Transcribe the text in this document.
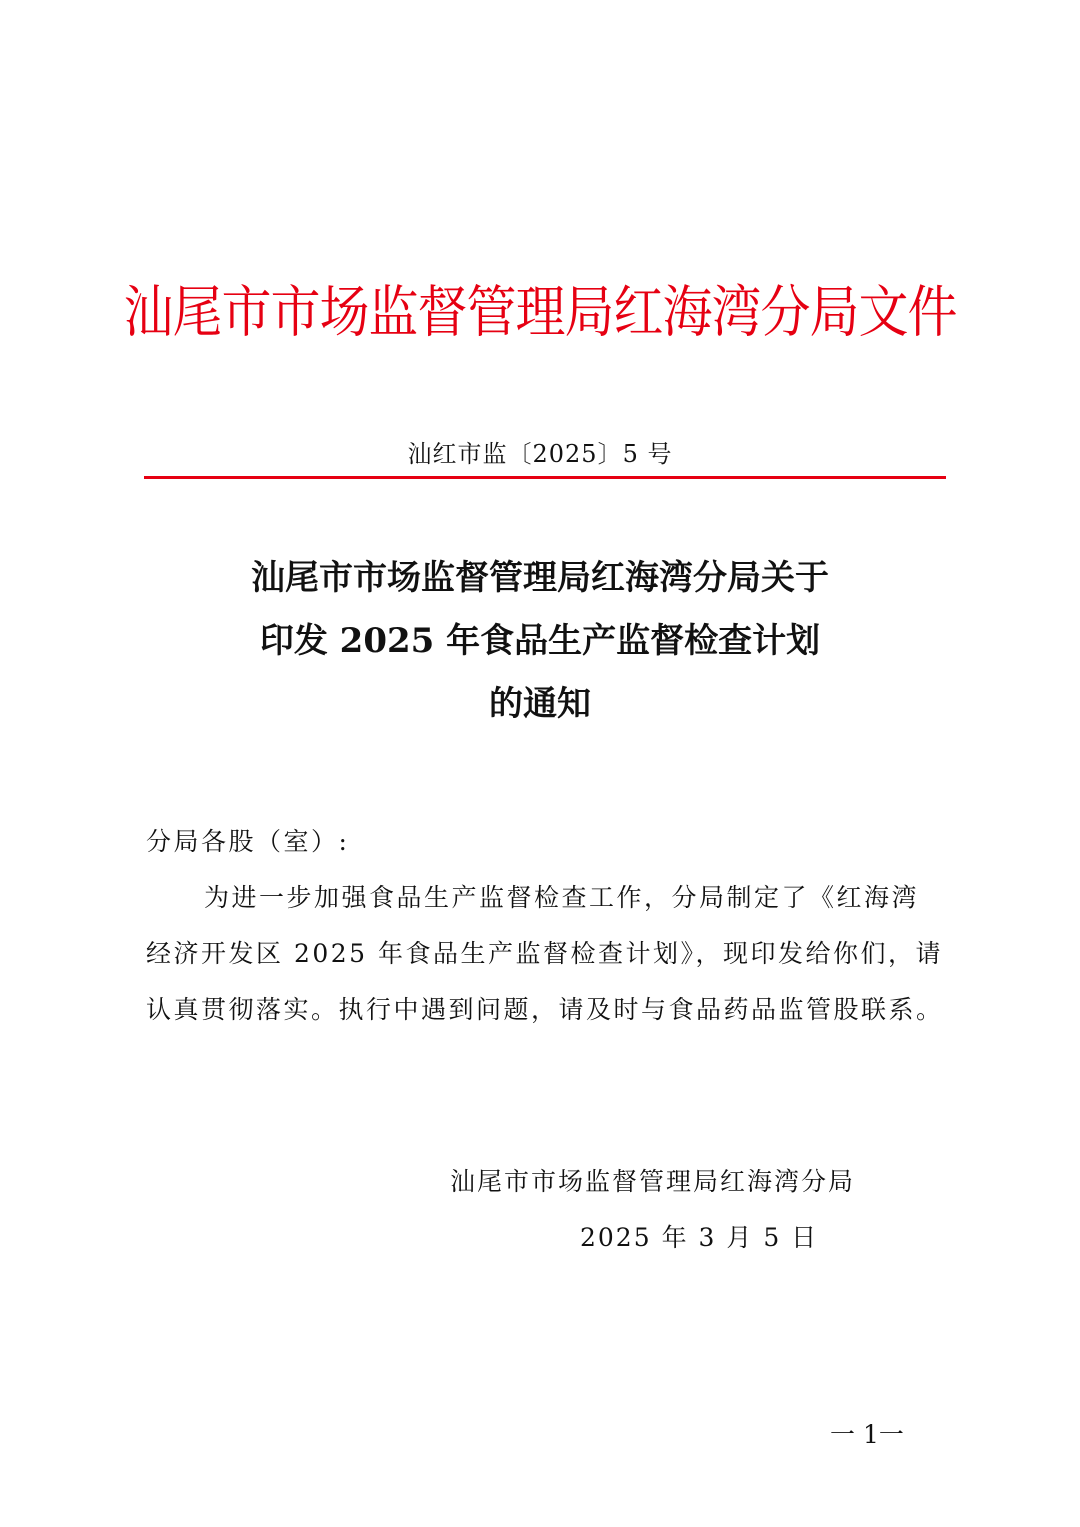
汕尾市市场监督管理局红海湾分局文件
汕红市监〔2025〕5 号
汕尾市市场监督管理局红海湾分局关于
印发 2025 年食品生产监督检查计划
的通知
分局各股（室）:
为进一步加强食品生产监督检查工作，分局制定了《红海湾
经济开发区 2025 年食品生产监督检查计划》，现印发给你们，请
认真贯彻落实。执行中遇到问题，请及时与食品药品监管股联系。
汕尾市市场监督管理局红海湾分局
2025 年 3 月 5 日
一 1一
